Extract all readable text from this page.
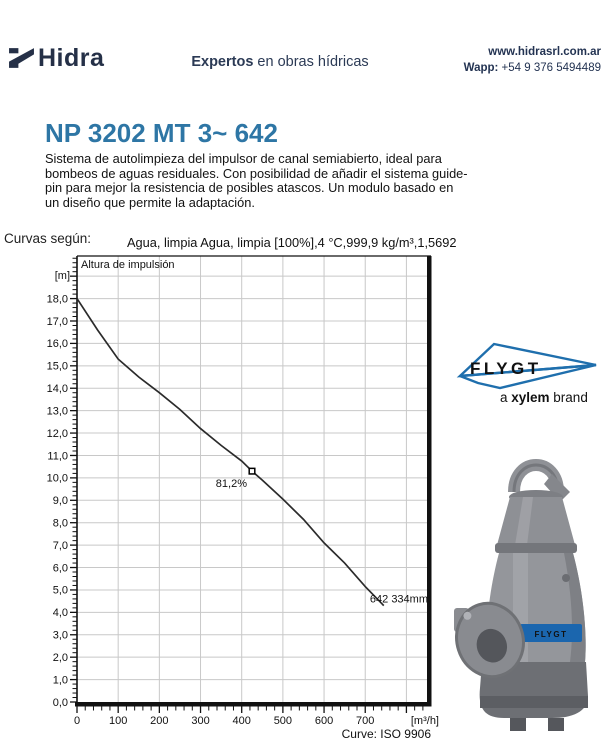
Hidra	Expertos en obras hídricas
www.hidrasrl.com.ar
Wapp: +54 9 376 5494489
NP 3202 MT 3~ 642
Sistema de autolimpieza del impulsor de canal semiabierto, ideal para bombeos de aguas residuales. Con posibilidad de añadir el sistema guide-pin para mejor la resistencia de posibles atascos. Un modulo basado en un diseño que permite la adaptación.
Curvas según:	Agua, limpia Agua, limpia [100%],4 °C,999,9 kg/m³,1,5692
0,0
1,0
2,0
3,0
4,0
5,0
6,0
7,0
8,0
9,0
10,0
11,0
12,0
13,0
14,0
15,0
16,0
17,0
18,0
0	100 200 300 400 500 600 700	[m³/h]
Altura de impulsión
[m]
81,2%
642 334mm
Curve: ISO 9906
FLYGT
a xylem brand
FLYGT
